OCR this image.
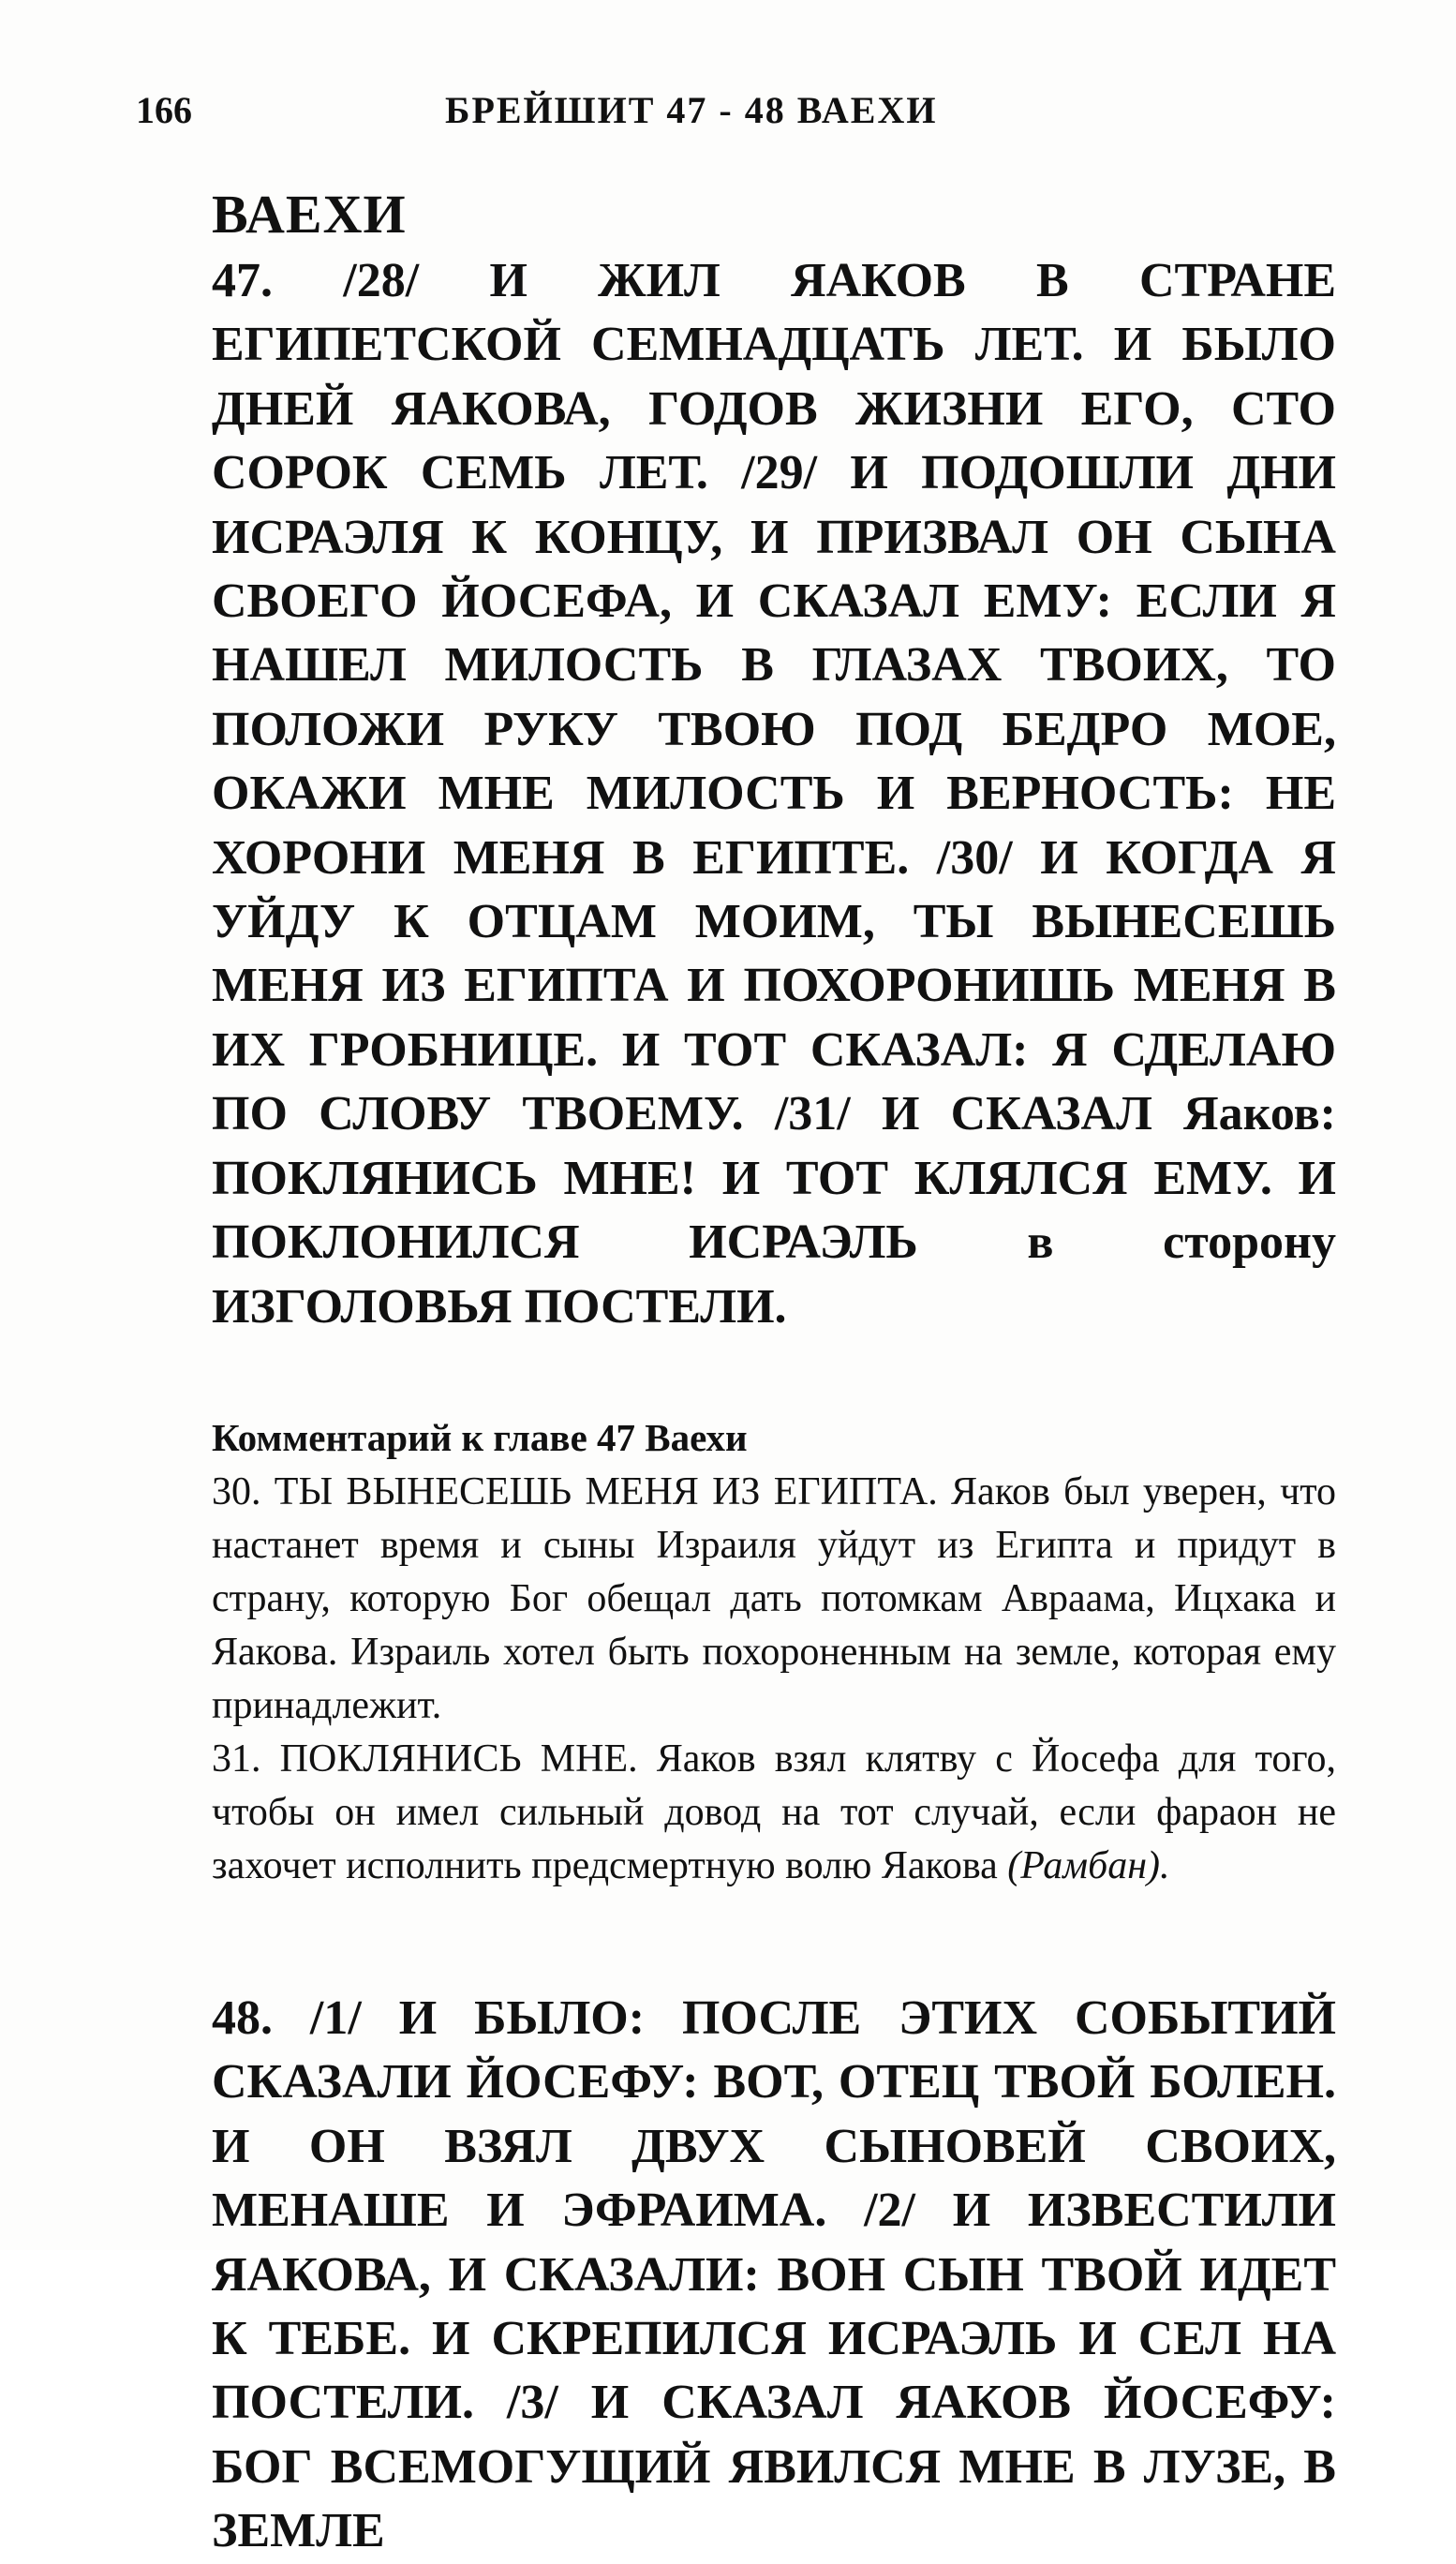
166	БРЕЙШИТ 47 - 48 ВАЕХИ
ВАЕХИ

47. /28/ И ЖИЛ ЯАКОВ В СТРАНЕ ЕГИПЕТСКОЙ СЕМНАДЦАТЬ ЛЕТ. И БЫЛО ДНЕЙ ЯАКОВА, ГОДОВ ЖИЗНИ ЕГО, СТО СОРОК СЕМЬ ЛЕТ. /29/ И ПОДОШЛИ ДНИ ИСРАЭЛЯ К КОНЦУ, И ПРИЗВАЛ ОН СЫНА СВОЕГО ЙОСЕФА, И СКАЗАЛ ЕМУ: ЕСЛИ Я НАШЕЛ МИЛОСТЬ В ГЛАЗАХ ТВОИХ, ТО ПОЛОЖИ РУКУ ТВОЮ ПОД БЕДРО МОЕ, ОКАЖИ МНЕ МИЛОСТЬ И ВЕРНОСТЬ: НЕ ХОРОНИ МЕНЯ В ЕГИПТЕ. /30/ И КОГДА Я УЙДУ К ОТЦАМ МОИМ, ТЫ ВЫНЕСЕШЬ МЕНЯ ИЗ ЕГИПТА И ПОХОРОНИШЬ МЕНЯ В ИХ ГРОБНИЦЕ. И ТОТ СКАЗАЛ: Я СДЕЛАЮ ПО СЛОВУ ТВОЕМУ. /31/ И СКАЗАЛ Яаков: ПОКЛЯНИСЬ МНЕ! И ТОТ КЛЯЛСЯ ЕМУ. И ПОКЛОНИЛСЯ ИСРАЭЛЬ в сторону ИЗГОЛОВЬЯ ПОСТЕЛИ.

Комментарий к главе 47 Ваехи

30. ТЫ ВЫНЕСЕШЬ МЕНЯ ИЗ ЕГИПТА. Яаков был уверен, что настанет время и сыны Израиля уйдут из Египта и придут в страну, которую Бог обещал дать потомкам Авраама, Ицхака и Яакова. Израиль хотел быть похороненным на земле, которая ему принадлежит.

31. ПОКЛЯНИСЬ МНЕ. Яаков взял клятву с Йосефа для того, чтобы он имел сильный довод на тот случай, если фараон не захочет исполнить предсмертную волю Яакова (Рамбан).

48. /1/ И БЫЛО: ПОСЛЕ ЭТИХ СОБЫТИЙ СКАЗАЛИ ЙОСЕФУ: ВОТ, ОТЕЦ ТВОЙ БОЛЕН. И ОН ВЗЯЛ ДВУХ СЫНОВЕЙ СВОИХ, МЕНАШЕ И ЭФРАИМА. /2/ И ИЗВЕСТИЛИ ЯАКОВА, И СКАЗАЛИ: ВОН СЫН ТВОЙ ИДЕТ К ТЕБЕ. И СКРЕПИЛСЯ ИСРАЭЛЬ И СЕЛ НА ПОСТЕЛИ. /3/ И СКАЗАЛ ЯАКОВ ЙОСЕФУ: БОГ ВСЕМОГУЩИЙ ЯВИЛСЯ МНЕ В ЛУЗЕ, В ЗЕМЛЕ
